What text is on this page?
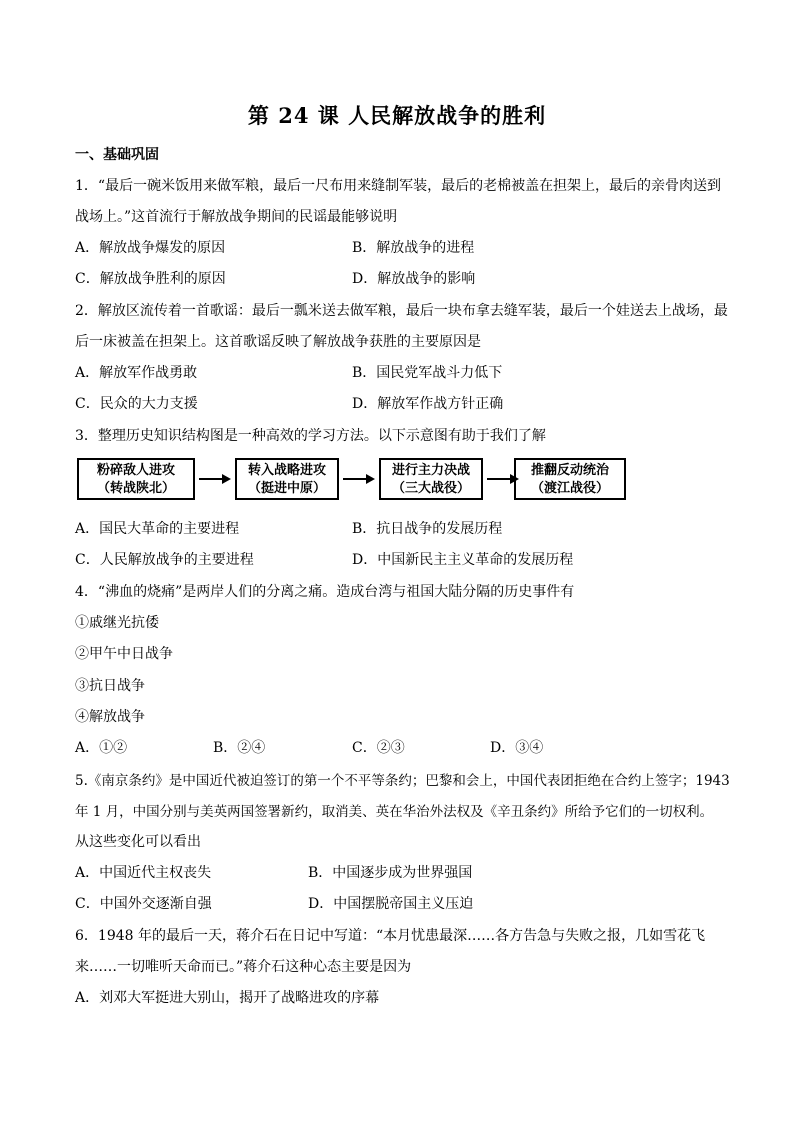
第 24 课 人民解放战争的胜利
一、基础巩固
1．“最后一碗米饭用来做军粮，最后一尺布用来缝制军装，最后的老棉被盖在担架上，最后的亲骨肉送到
战场上。”这首流行于解放战争期间的民谣最能够说明
A．解放战争爆发的原因	B．解放战争的进程
C．解放战争胜利的原因	D．解放战争的影响
2．解放区流传着一首歌谣：最后一瓢米送去做军粮，最后一块布拿去缝军装，最后一个娃送去上战场，最
后一床被盖在担架上。这首歌谣反映了解放战争获胜的主要原因是
A．解放军作战勇敢	B．国民党军战斗力低下
C．民众的大力支援	D．解放军作战方针正确
3．整理历史知识结构图是一种高效的学习方法。以下示意图有助于我们了解
粉碎敌人进攻
（转战陕北）
转入战略进攻
（挺进中原）
进行主力决战
（三大战役）
推翻反动统治
（渡江战役）
A．国民大革命的主要进程	B．抗日战争的发展历程
C．人民解放战争的主要进程	D．中国新民主主义革命的发展历程
4．“沸血的烧痛”是两岸人们的分离之痛。造成台湾与祖国大陆分隔的历史事件有
①戚继光抗倭
②甲午中日战争
③抗日战争
④解放战争
A．①②	B．②④	C．②③	D．③④
5.《南京条约》是中国近代被迫签订的第一个不平等条约；巴黎和会上，中国代表团拒绝在合约上签字；1943
年 1 月，中国分别与美英两国签署新约，取消美、英在华治外法权及《辛丑条约》所给予它们的一切权利。
从这些变化可以看出
A．中国近代主权丧失	B．中国逐步成为世界强国
C．中国外交逐渐自强	D．中国摆脱帝国主义压迫
6．1948 年的最后一天，蒋介石在日记中写道：“本月忧患最深……各方告急与失败之报，几如雪花飞
来……一切唯听天命而已。”蒋介石这种心态主要是因为
A．刘邓大军挺进大别山，揭开了战略进攻的序幕
